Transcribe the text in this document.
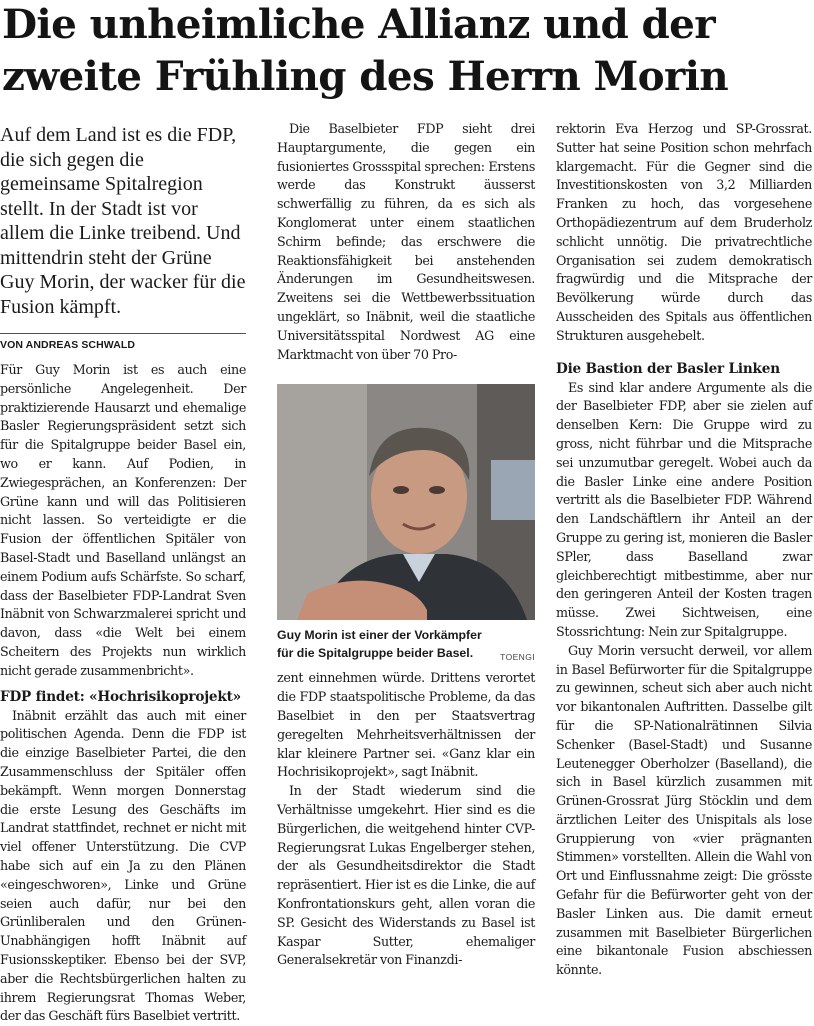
Die unheimliche Allianz und der zweite Frühling des Herrn Morin

Auf dem Land ist es die FDP, die sich gegen die gemeinsame Spitalregion stellt. In der Stadt ist vor allem die Linke treibend. Und mittendrin steht der Grüne Guy Morin, der wacker für die Fusion kämpft.

VON ANDREAS SCHWALD

Für Guy Morin ist es auch eine persönliche Angelegenheit. Der praktizierende Hausarzt und ehemalige Basler Regierungspräsident setzt sich für die Spitalgruppe beider Basel ein, wo er kann. Auf Podien, in Zwiegesprächen, an Konferenzen: Der Grüne kann und will das Politisieren nicht lassen. So verteidigte er die Fusion der öffentlichen Spitäler von Basel-Stadt und Baselland unlängst an einem Podium aufs Schärfste. So scharf, dass der Baselbieter FDP-Landrat Sven Inäbnit von Schwarzmalerei spricht und davon, dass «die Welt bei einem Scheitern des Projekts nun wirklich nicht gerade zusammenbricht».

FDP findet: «Hochrisikoprojekt»

Inäbnit erzählt das auch mit einer politischen Agenda. Denn die FDP ist die einzige Baselbieter Partei, die den Zusammenschluss der Spitäler offen bekämpft. Wenn morgen Donnerstag die erste Lesung des Geschäfts im Landrat stattfindet, rechnet er nicht mit viel offener Unterstützung. Die CVP habe sich auf ein Ja zu den Plänen «eingeschworen», Linke und Grüne seien auch dafür, nur bei den Grünliberalen und den Grünen-Unabhängigen hofft Inäbnit auf Fusionsskeptiker. Ebenso bei der SVP, aber die Rechtsbürgerlichen halten zu ihrem Regierungsrat Thomas Weber, der das Geschäft fürs Baselbiet vertritt.

Die Baselbieter FDP sieht drei Hauptargumente, die gegen ein fusioniertes Grossspital sprechen: Erstens werde das Konstrukt äusserst schwerfällig zu führen, da es sich als Konglomerat unter einem staatlichen Schirm befinde; das erschwere die Reaktionsfähigkeit bei anstehenden Änderungen im Gesundheitswesen. Zweitens sei die Wettbewerbssituation ungeklärt, so Inäbnit, weil die staatliche Universitätsspital Nordwest AG eine Marktmacht von über 70 Pro-

Guy Morin ist einer der Vorkämpfer für die Spitalgruppe beider Basel.	TOENGI

zent einnehmen würde. Drittens verortet die FDP staatspolitische Probleme, da das Baselbiet in den per Staatsvertrag geregelten Mehrheitsverhältnissen der klar kleinere Partner sei. «Ganz klar ein Hochrisikoprojekt», sagt Inäbnit.

In der Stadt wiederum sind die Verhältnisse umgekehrt. Hier sind es die Bürgerlichen, die weitgehend hinter CVP-Regierungsrat Lukas Engelberger stehen, der als Gesundheitsdirektor die Stadt repräsentiert. Hier ist es die Linke, die auf Konfrontationskurs geht, allen voran die SP. Gesicht des Widerstands zu Basel ist Kaspar Sutter, ehemaliger Generalsekretär von Finanzdi-

rektorin Eva Herzog und SP-Grossrat. Sutter hat seine Position schon mehrfach klargemacht. Für die Gegner sind die Investitionskosten von 3,2 Milliarden Franken zu hoch, das vorgesehene Orthopädiezentrum auf dem Bruderholz schlicht unnötig. Die privatrechtliche Organisation sei zudem demokratisch fragwürdig und die Mitsprache der Bevölkerung würde durch das Ausscheiden des Spitals aus öffentlichen Strukturen ausgehebelt.

Die Bastion der Basler Linken

Es sind klar andere Argumente als die der Baselbieter FDP, aber sie zielen auf denselben Kern: Die Gruppe wird zu gross, nicht führbar und die Mitsprache sei unzumutbar geregelt. Wobei auch da die Basler Linke eine andere Position vertritt als die Baselbieter FDP. Während den Landschäftlern ihr Anteil an der Gruppe zu gering ist, monieren die Basler SPler, dass Baselland zwar gleichberechtigt mitbestimme, aber nur den geringeren Anteil der Kosten tragen müsse. Zwei Sichtweisen, eine Stossrichtung: Nein zur Spitalgruppe.

Guy Morin versucht derweil, vor allem in Basel Befürworter für die Spitalgruppe zu gewinnen, scheut sich aber auch nicht vor bikantonalen Auftritten. Dasselbe gilt für die SP-Nationalrätinnen Silvia Schenker (Basel-Stadt) und Susanne Leutenegger Oberholzer (Baselland), die sich in Basel kürzlich zusammen mit Grünen-Grossrat Jürg Stöcklin und dem ärztlichen Leiter des Unispitals als lose Gruppierung von «vier prägnanten Stimmen» vorstellten. Allein die Wahl von Ort und Einflussnahme zeigt: Die grösste Gefahr für die Befürworter geht von der Basler Linken aus. Die damit erneut zusammen mit Baselbieter Bürgerlichen eine bikantonale Fusion abschiessen könnte.
